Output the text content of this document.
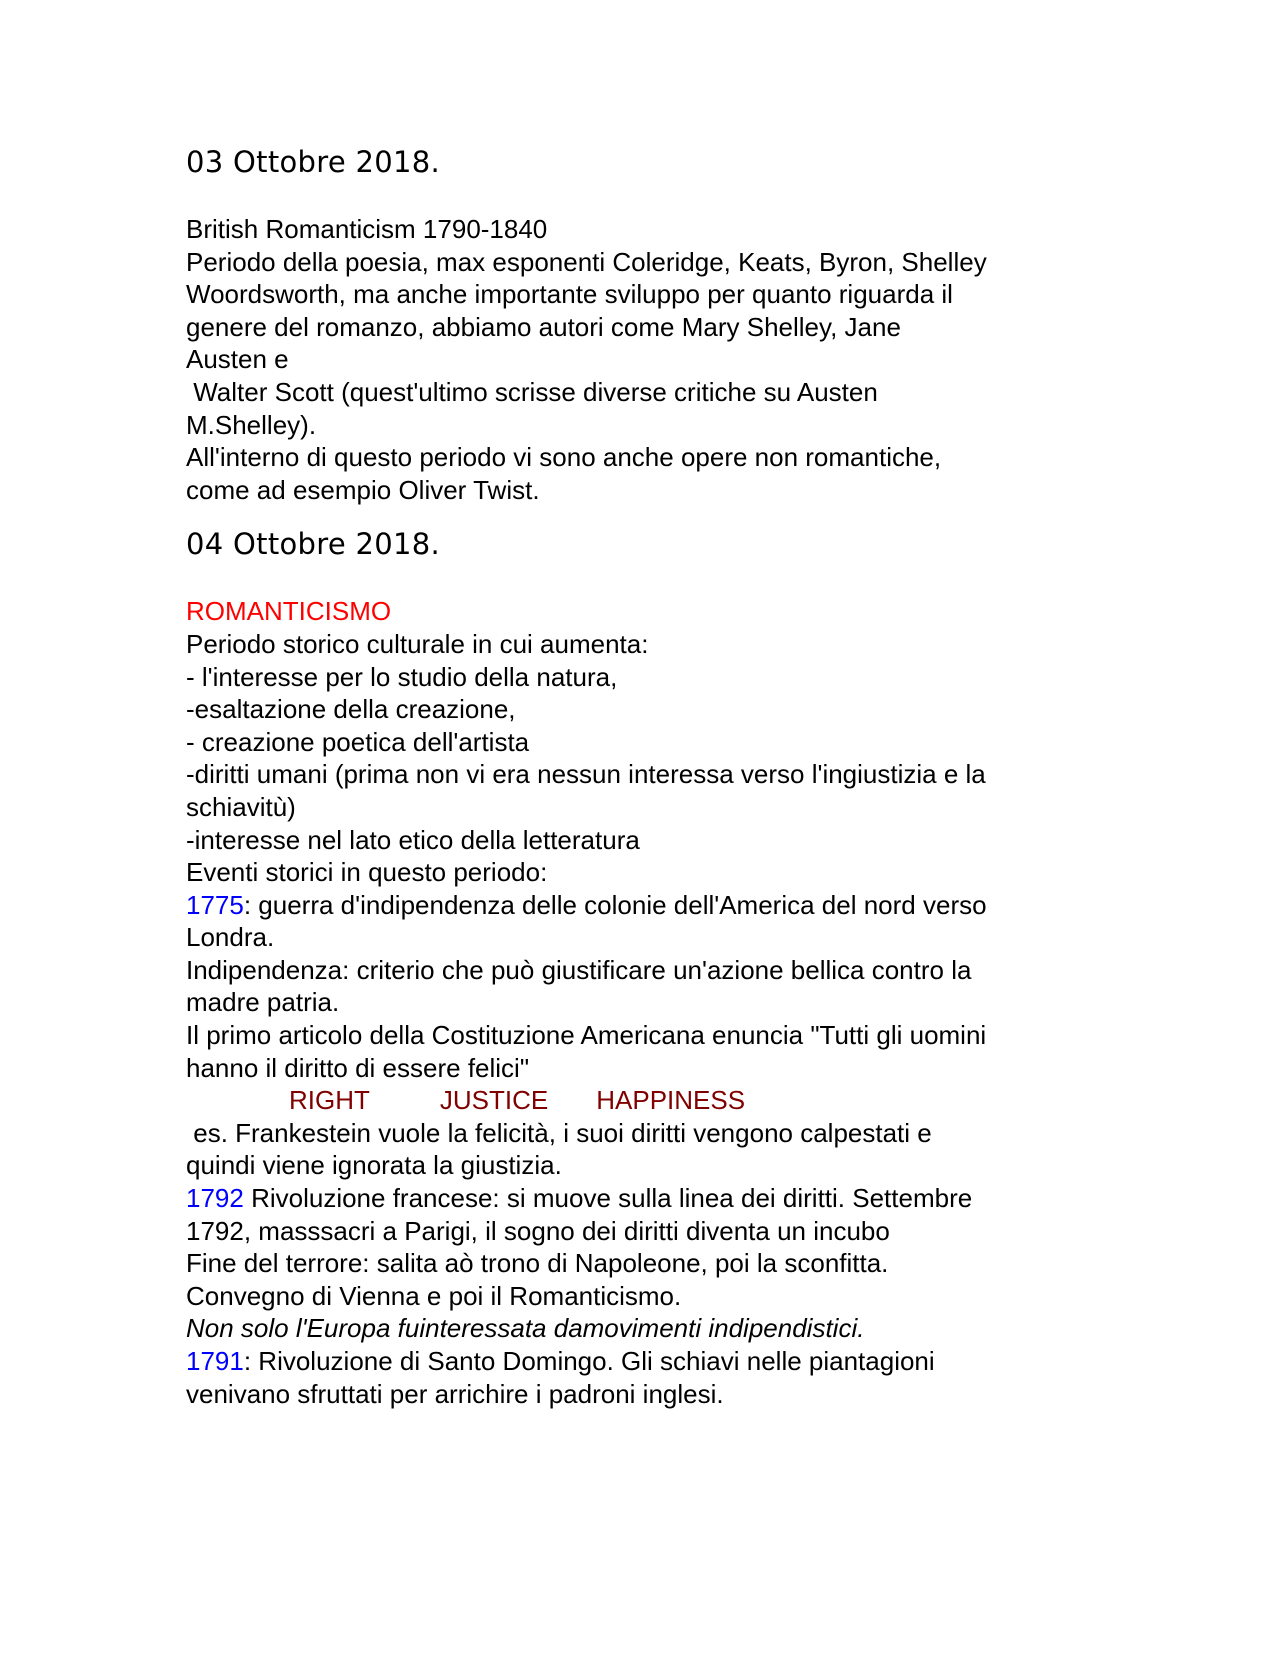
03 Ottobre 2018.

British Romanticism 1790-1840

Periodo della poesia, max esponenti Coleridge, Keats, Byron, Shelley

Woordsworth, ma anche importante sviluppo per quanto riguarda il

genere del romanzo, abbiamo autori come Mary Shelley, Jane

Austen e

Walter Scott (quest'ultimo scrisse diverse critiche su Austen

M.Shelley).

All'interno di questo periodo vi sono anche opere non romantiche,

come ad esempio Oliver Twist.

04 Ottobre 2018.

ROMANTICISMO

Periodo storico culturale in cui aumenta:

- l'interesse per lo studio della natura,

-esaltazione della creazione,

- creazione poetica dell'artista

-diritti umani (prima non vi era nessun interessa verso l'ingiustizia e la

schiavitù)

-interesse nel lato etico della letteratura

Eventi storici in questo periodo:

1775: guerra d'indipendenza delle colonie dell'America del nord verso

Londra.

Indipendenza: criterio che può giustificare un'azione bellica contro la

madre patria.

Il primo articolo della Costituzione Americana enuncia "Tutti gli uomini

hanno il diritto di essere felici"

RIGHT	JUSTICE HAPPINESS

es. Frankestein vuole la felicità, i suoi diritti vengono calpestati e

quindi viene ignorata la giustizia.

1792 Rivoluzione francese: si muove sulla linea dei diritti. Settembre

1792, masssacri a Parigi, il sogno dei diritti diventa un incubo

Fine del terrore: salita aò trono di Napoleone, poi la sconfitta.

Convegno di Vienna e poi il Romanticismo.

Non solo l'Europa fuinteressata damovimenti indipendistici.

1791: Rivoluzione di Santo Domingo. Gli schiavi nelle piantagioni

venivano sfruttati per arrichire i padroni inglesi.
